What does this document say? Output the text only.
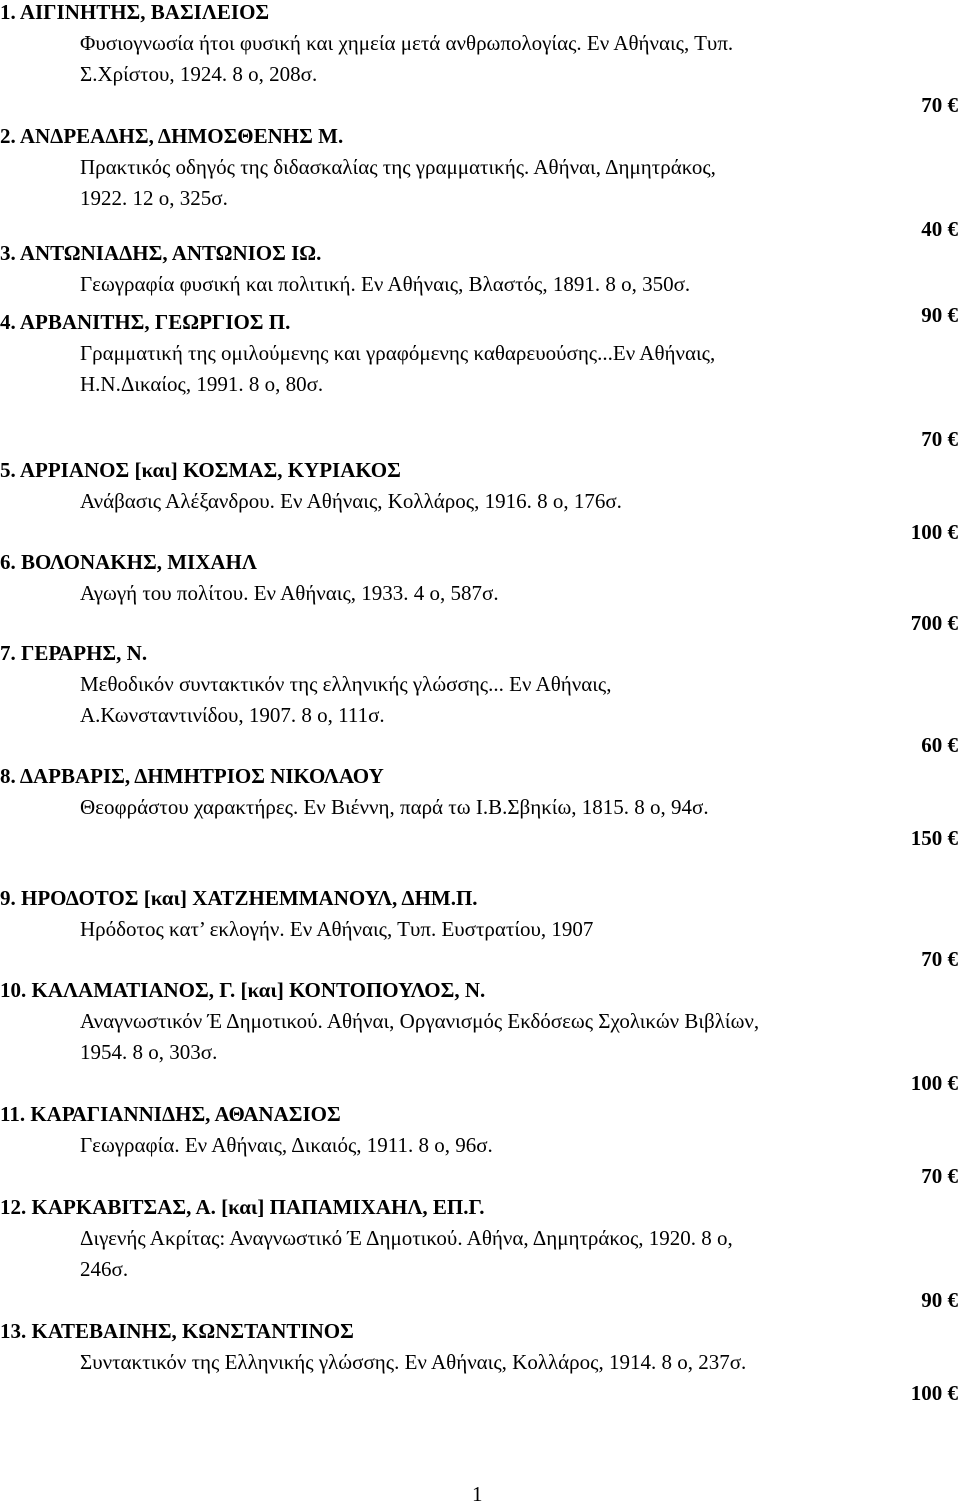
1. ΑΙΓΙΝΗΤΗΣ, ΒΑΣΙΛΕΙΟΣ
Φυσιογνωσία ήτοι φυσική και χημεία μετά ανθρωπολογίας. Εν Αθήναις, Τυπ.
Σ.Χρίστου, 1924. 8 ο, 208σ.
70 €
2. ΑΝΔΡΕΑΔΗΣ, ΔΗΜΟΣΘΕΝΗΣ Μ.
Πρακτικός οδηγός της διδασκαλίας της γραμματικής. Αθήναι, Δημητράκος,
1922. 12 ο, 325σ.
40 €
3. ΑΝΤΩΝΙΑΔΗΣ, ΑΝΤΩΝΙΟΣ ΙΩ.
Γεωγραφία φυσική και πολιτική. Εν Αθήναις, Βλαστός, 1891. 8 ο, 350σ.
90 €
4. ΑΡΒΑΝΙΤΗΣ, ΓΕΩΡΓΙΟΣ Π.
Γραμματική της ομιλούμενης και γραφόμενης καθαρευούσης...Εν Αθήναις,
Η.Ν.Δικαίος, 1991. 8 ο, 80σ.
70 €
5. ΑΡΡΙΑΝΟΣ [και] ΚΟΣΜΑΣ, ΚΥΡΙΑΚΟΣ
Ανάβασις Αλέξανδρου. Εν Αθήναις, Κολλάρος, 1916. 8 ο, 176σ.
100 €
6. ΒΟΛΟΝΑΚΗΣ, ΜΙΧΑΗΛ
Αγωγή του πολίτου. Εν Αθήναις, 1933. 4 ο, 587σ.
700 €
7. ΓΕΡΑΡΗΣ, Ν.
Μεθοδικόν συντακτικόν της ελληνικής γλώσσης... Εν Αθήναις,
Α.Κωνσταντινίδου, 1907. 8 ο, 111σ.
60 €
8. ΔΑΡΒΑΡΙΣ, ΔΗΜΗΤΡΙΟΣ ΝΙΚΟΛΑΟΥ
Θεοφράστου χαρακτήρες. Εν Βιέννη, παρά τω Ι.Β.Σβηκίω, 1815. 8 ο, 94σ.
150 €
9. ΗΡΟΔΟΤΟΣ [και] ΧΑΤΖΗΕΜΜΑΝΟΥΛ, ΔΗΜ.Π.
Ηρόδοτος κατ’ εκλογήν. Εν Αθήναις, Τυπ. Ευστρατίου, 1907
70 €
10. ΚΑΛΑΜΑΤΙΑΝΟΣ, Γ. [και] ΚΟΝΤΟΠΟΥΛΟΣ, Ν.
Αναγνωστικόν Έ Δημοτικού. Αθήναι, Οργανισμός Εκδόσεως Σχολικών Βιβλίων,
1954. 8 ο, 303σ.
100 €
11. ΚΑΡΑΓΙΑΝΝΙΔΗΣ, ΑΘΑΝΑΣΙΟΣ
Γεωγραφία. Εν Αθήναις, Δικαιός, 1911. 8 ο, 96σ.
70 €
12. ΚΑΡΚΑΒΙΤΣΑΣ, Α. [και] ΠΑΠΑΜΙΧΑΗΛ, ΕΠ.Γ.
Διγενής Ακρίτας: Αναγνωστικό Έ Δημοτικού. Αθήνα, Δημητράκος, 1920. 8 ο,
246σ.
90 €
13. ΚΑΤΕΒΑΙΝΗΣ, ΚΩΝΣΤΑΝΤΙΝΟΣ
Συντακτικόν της Ελληνικής γλώσσης. Εν Αθήναις, Κολλάρος, 1914. 8 ο, 237σ.
100 €
1
